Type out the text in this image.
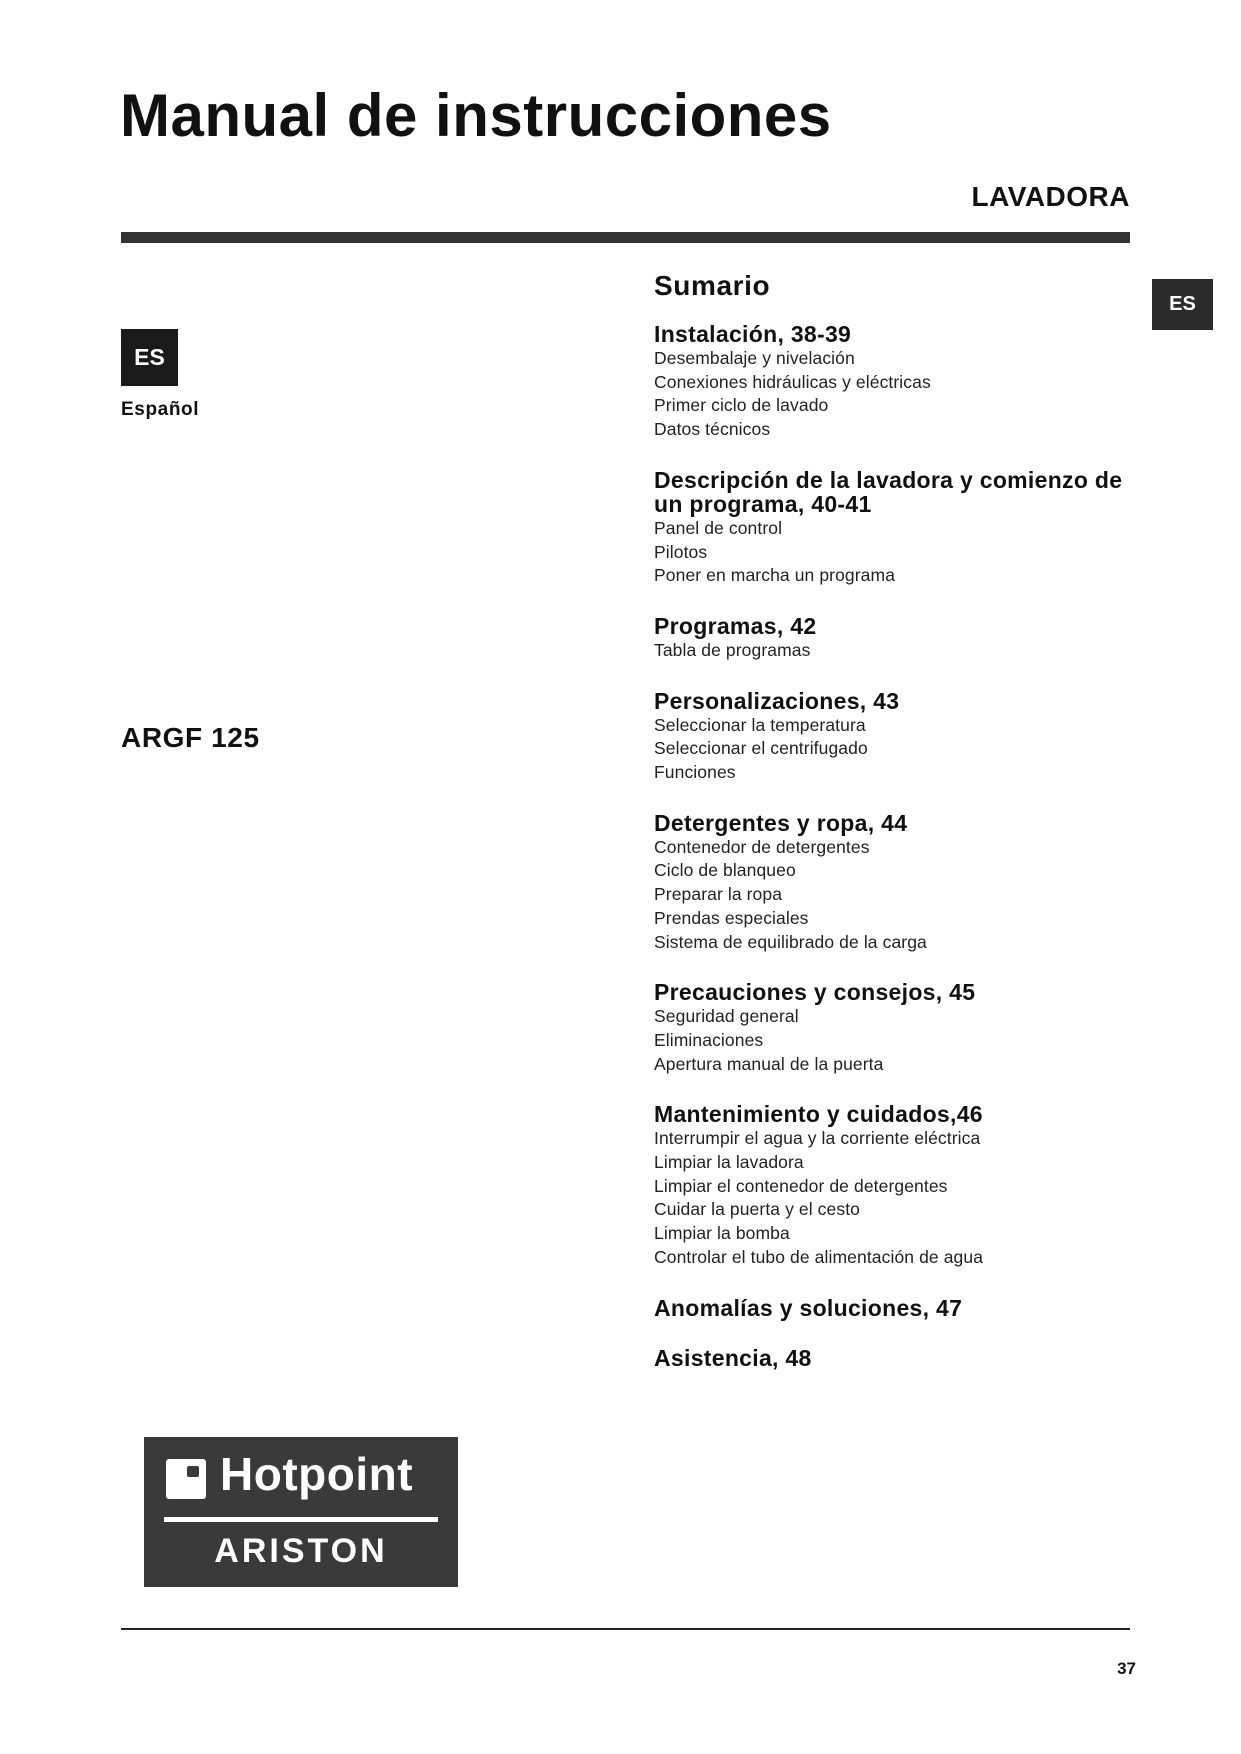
Manual de instrucciones
LAVADORA
ES
ES
Español
ARGF 125
Sumario
Instalación, 38-39
Desembalaje y nivelación
Conexiones hidráulicas y eléctricas
Primer ciclo de lavado
Datos técnicos
Descripción de la lavadora y comienzo de un programa, 40-41
Panel de control
Pilotos
Poner en marcha un programa
Programas, 42
Tabla de programas
Personalizaciones, 43
Seleccionar la temperatura
Seleccionar el centrifugado
Funciones
Detergentes y ropa, 44
Contenedor de detergentes
Ciclo de blanqueo
Preparar la ropa
Prendas especiales
Sistema de equilibrado de la carga
Precauciones y consejos, 45
Seguridad general
Eliminaciones
Apertura manual de la puerta
Mantenimiento y cuidados,46
Interrumpir el agua y la corriente eléctrica
Limpiar la lavadora
Limpiar el contenedor de detergentes
Cuidar la puerta y el cesto
Limpiar la bomba
Controlar el tubo de alimentación de agua
Anomalías y soluciones, 47
Asistencia, 48
Hotpoint
ARISTON
37
